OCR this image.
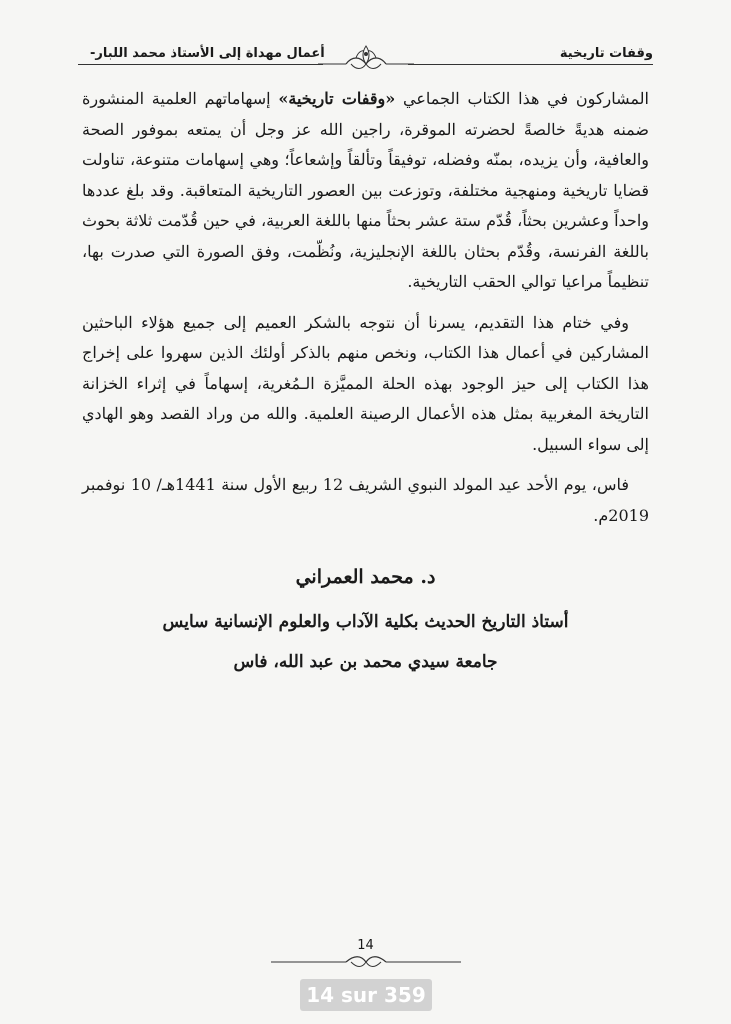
وقفات تاريخية
أعمال مهداة إلى الأستاذ محمد اللبار-

المشاركون في هذا الكتاب الجماعي «وقفات تاريخية» إسهاماتهم العلمية المنشورة ضمنه هديةً خالصةً لحضرته الموقرة، راجين الله عز وجل أن يمتعه بموفور الصحة والعافية، وأن يزيده، بمنّه وفضله، توفيقاً وتألقاً وإشعاعاً؛ وهي إسهامات متنوعة، تناولت قضايا تاريخية ومنهجية مختلفة، وتوزعت بين العصور التاريخية المتعاقبة. وقد بلغ عددها واحداً وعشرين بحثاً، قُدّم ستة عشر بحثاً منها باللغة العربية، في حين قُدّمت ثلاثة بحوث باللغة الفرنسة، وقُدّم بحثان باللغة الإنجليزية، ونُظّمت، وفق الصورة التي صدرت بها، تنظيماً مراعيا توالي الحقب التاريخية.

وفي ختام هذا التقديم، يسرنا أن نتوجه بالشكر العميم إلى جميع هؤلاء الباحثين المشاركين في أعمال هذا الكتاب، ونخص منهم بالذكر أولئك الذين سهروا على إخراج هذا الكتاب إلى حيز الوجود بهذه الحلة المميَّزة الـمُغرية، إسهاماً في إثراء الخزانة التاريخة المغربية بمثل هذه الأعمال الرصينة العلمية. والله من وراد القصد وهو الهادي إلى سواء السبيل.

فاس، يوم الأحد عيد المولد النبوي الشريف 12 ربيع الأول سنة 1441هـ/ 10 نوفمبر 2019م.

د. محمد العمراني
أستاذ التاريخ الحديث بكلية الآداب والعلوم الإنسانية سايس
جامعة سيدي محمد بن عبد الله، فاس
14
14 sur 359
